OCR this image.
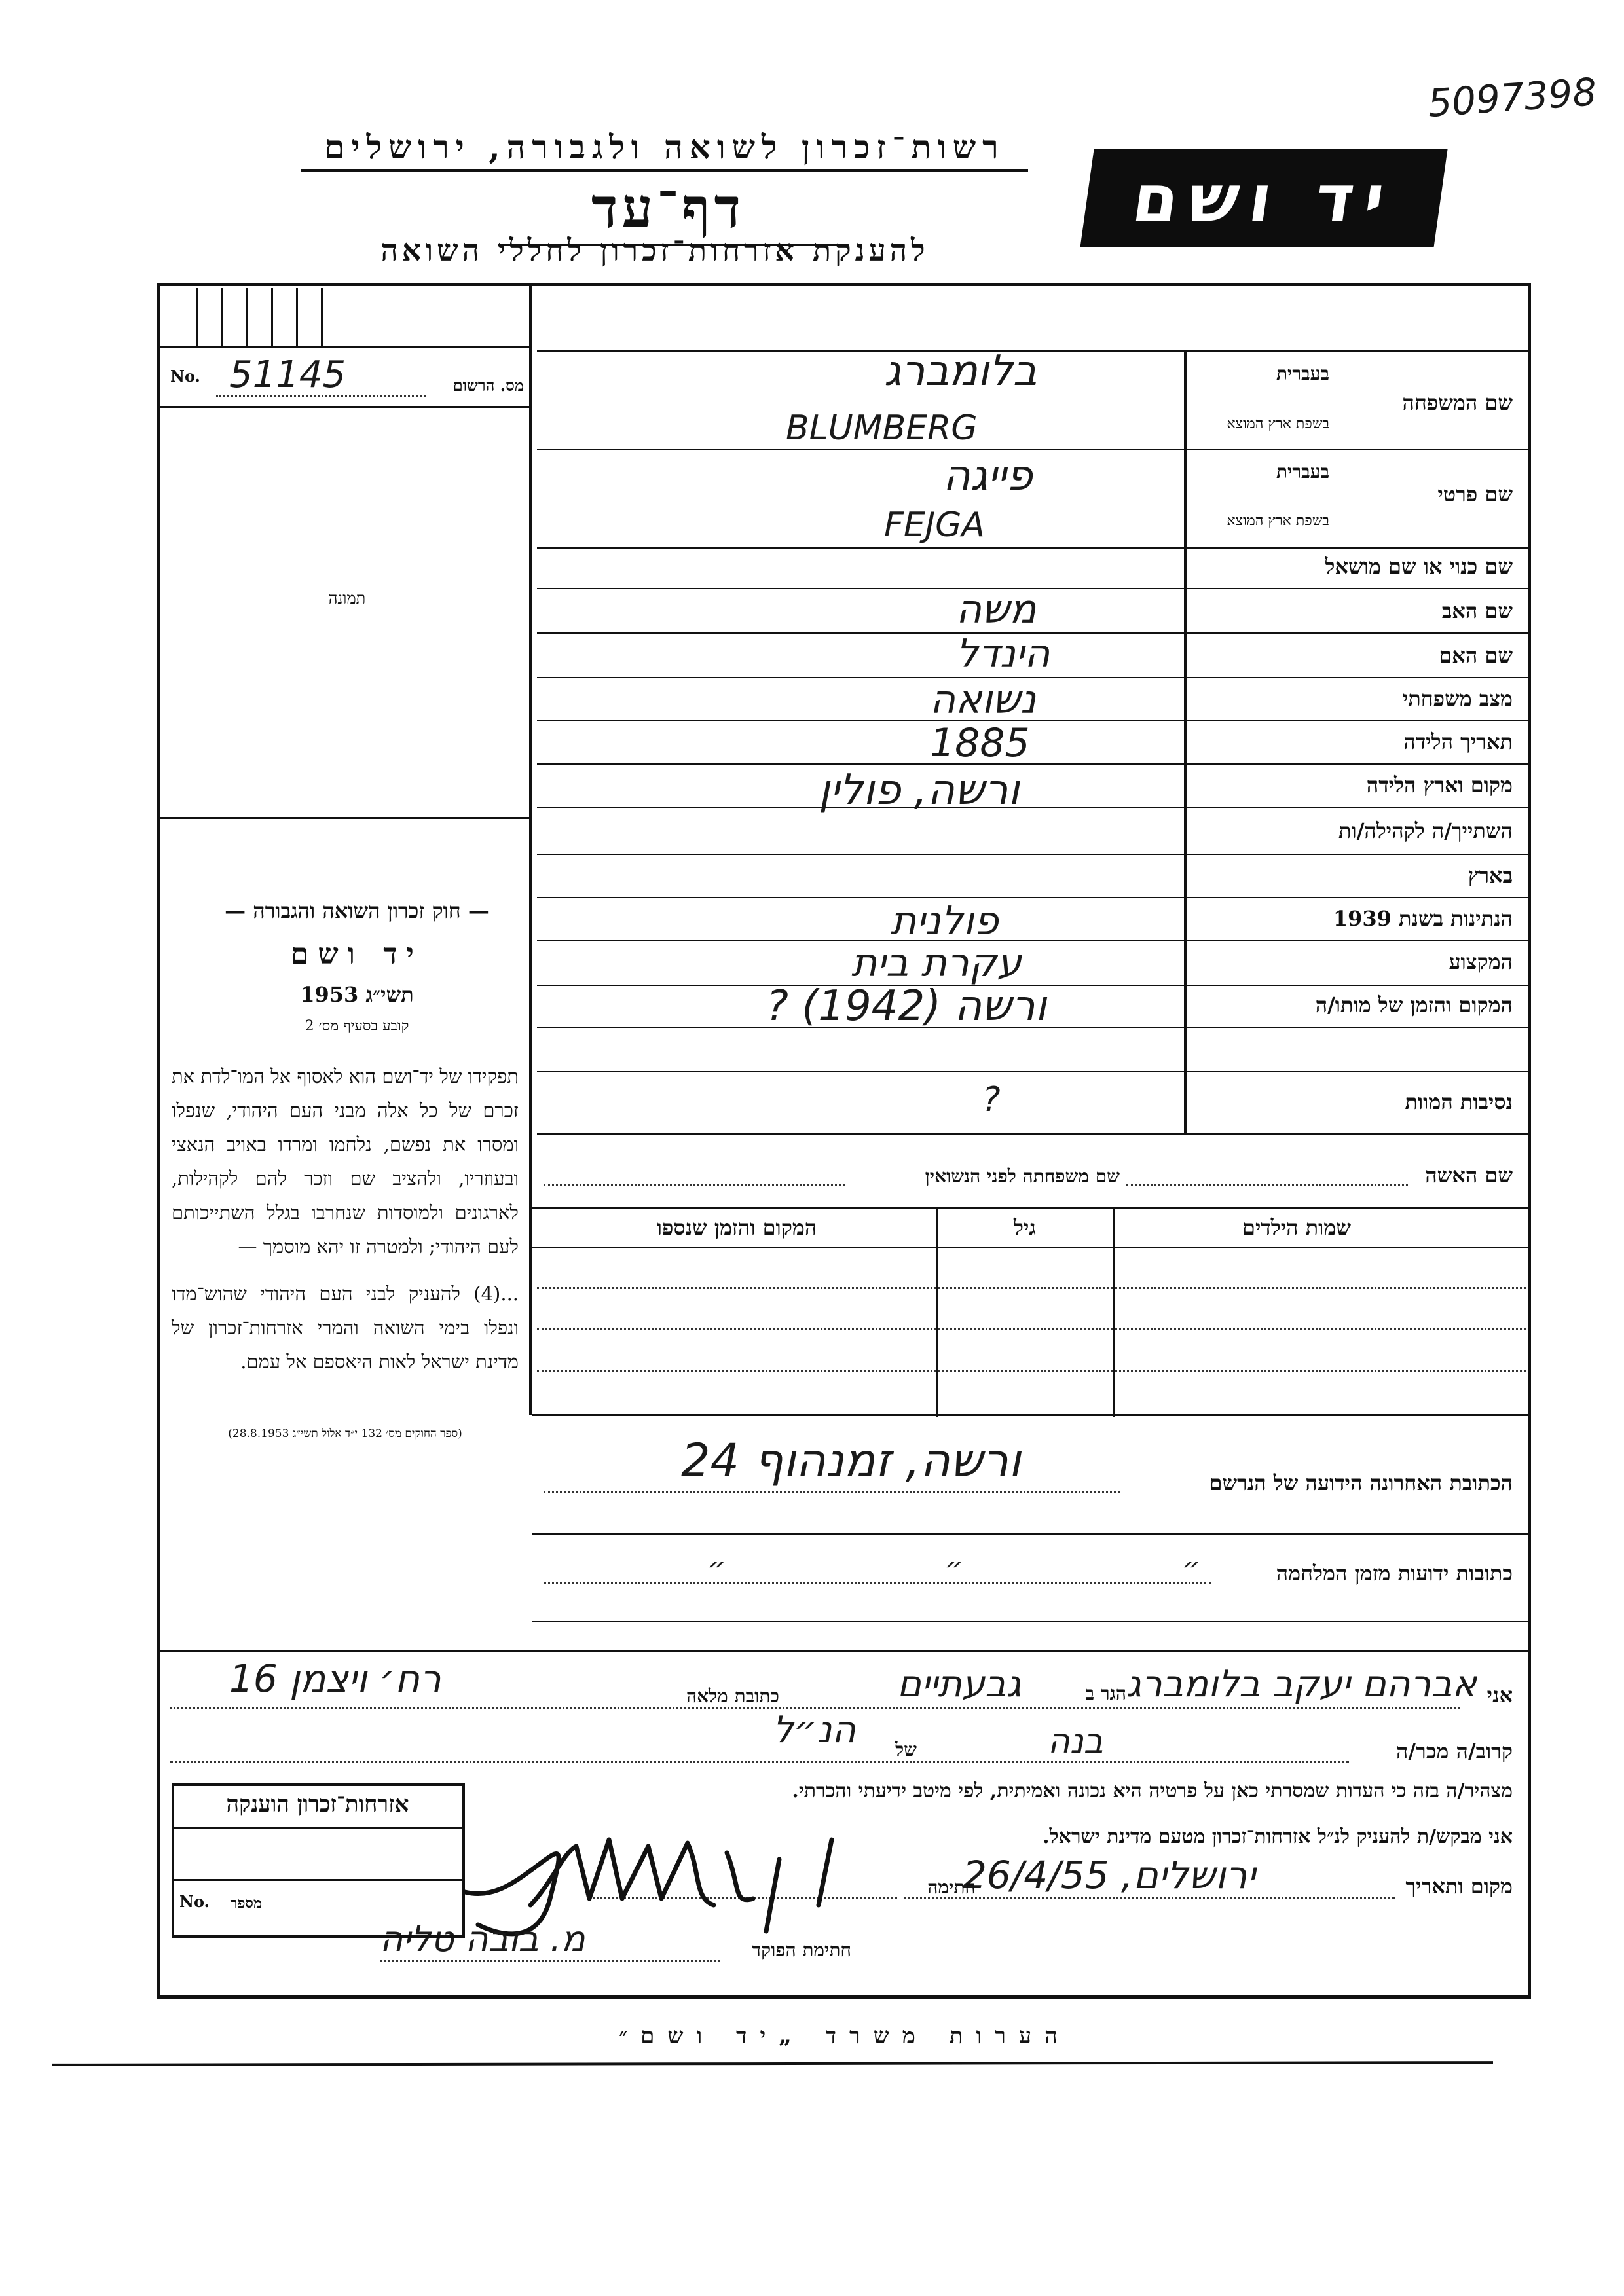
5097398
רשות־זכרון לשואה ולגבורה, ירושלים
דף־עד
להענקת אזרחות־זכרון לחללי השואה
יד ושם
No. 51145	מס. הרשום
תמונה
— חוק זכרון השואה והגבורה —
יד ושם
תשי״ג 1953
קובע בסעיף מס׳ 2
תפקידו של יד־ושם הוא לאסוף אל המו־לדת את זכרם של כל אלה מבני העם היהודי, שנפלו ומסרו את נפשם, נלחמו ומרדו באויב הנאצי ובעוזריו, ולהציב שם וזכר להם לקהילות, לארגונים ולמוסדות שנחרבו בגלל השתייכותם לעם היהודי; ולמטרה זו יהא מוסמך —
...(4) להעניק לבני העם היהודי שהוש־מדו ונפלו בימי השואה והמרי אזרחות־זכרון של מדינת ישראל לאות היאספם אל עמם.
(ספר החוקים מס׳ 132 י״ד אלול תשי״ג 28.8.1953)
שם המשפחה
בעברית
בשפת ארץ המוצא
בלומברג
BLUMBERG
שם פרטי
בעברית
בשפת ארץ המוצא
פייגה
FEJGA
שם כנוי או שם מושאל
שם האב
משה
שם האם
הינדל
מצב משפחתי
נשואה
תאריך הלידה
1885
מקום וארץ הלידה
ורשה, פולין
השתייך/ה לקהילה/ות
בארץ
הנתינות בשנת 1939
פולנית
המקצוע
עקרת בית
המקום והזמן של מותו/ה
ורשה (1942) ?
נסיבות המוות
?
שם האשה
שם משפחתה לפני הנשואין
שמות הילדים
גיל
המקום והזמן שנספו
הכתובת האחרונה הידועה של הנרשם
ורשה, זמנהוף 24
כתובות ידועות מזמן המלחמה
״ ״ ״
אני
אברהם יעקב בלומברג
הגר ב
גבעתיים
כתובת מלאה
רח׳ ויצמן 16
קרוב/ה מכר/ה
בנה
של
הנ״ל
מצהיר/ה בזה כי העדות שמסרתי כאן על פרטיה היא נכונה ואמיתית, לפי מיטב ידיעתי והכרתי.
אני מבקש/ת להעניק לנ״ל אזרחות־זכרון מטעם מדינת ישראל.
מקום ותאריך
ירושלים, 26/4/55
חתימה
חתימת הפוקד
מ. בובה טליה
אזרחות־זכרון הוענקה
No.	מספר
הערות משרד „יד ושם״
